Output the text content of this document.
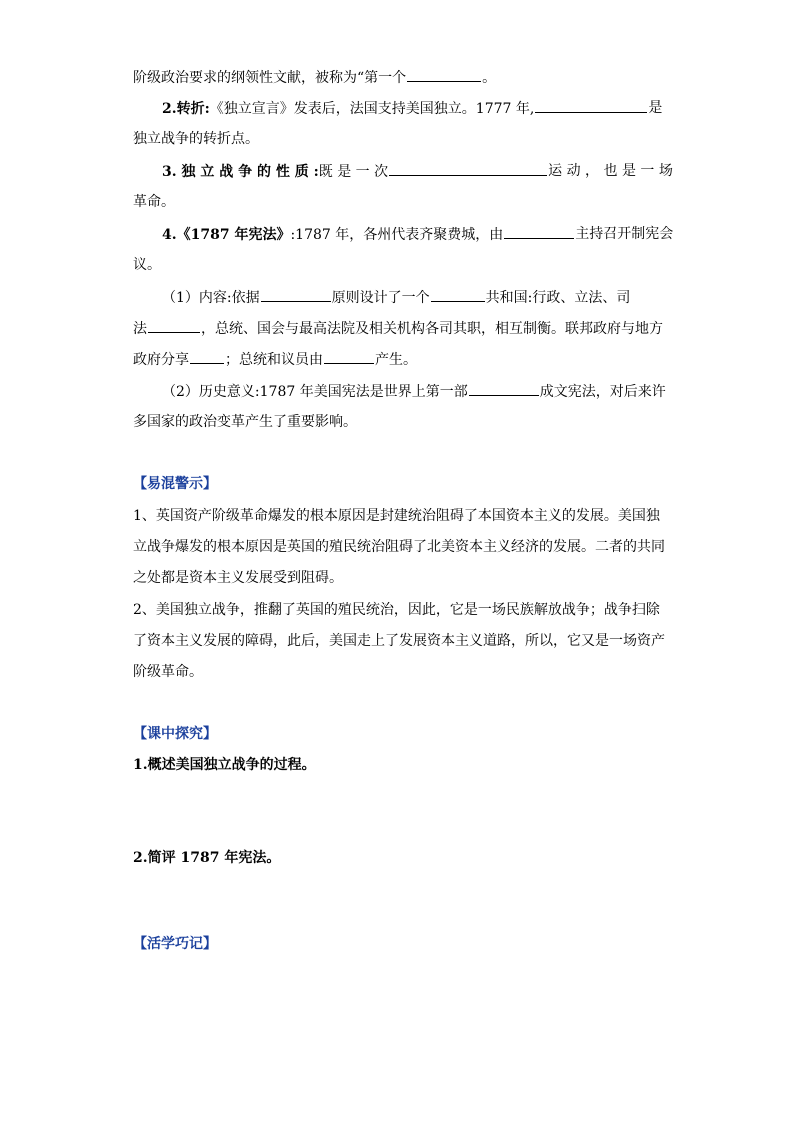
阶级政治要求的纲领性文献，被称为“第一个	。
2.转折:《独立宣言》发表后，法国支持美国独立。1777 年,	是
独立战争的转折点。
3. 独 立 战 争 的 性 质 :既 是 一 次	运 动 ， 也 是 一 场
革命。
4.《1787 年宪法》:1787 年，各州代表齐聚费城，由	主持召开制宪会
议。
（1）内容:依据	原则设计了一个	共和国:行政、立法、司
法	，总统、国会与最高法院及相关机构各司其职，相互制衡。联邦政府与地方
政府分享	；总统和议员由	产生。
（2）历史意义:1787 年美国宪法是世界上第一部	成文宪法，对后来许
多国家的政治变革产生了重要影响。
【易混警示】
1、英国资产阶级革命爆发的根本原因是封建统治阻碍了本国资本主义的发展。美国独
立战争爆发的根本原因是英国的殖民统治阻碍了北美资本主义经济的发展。二者的共同
之处都是资本主义发展受到阻碍。
2、美国独立战争，推翻了英国的殖民统治，因此，它是一场民族解放战争；战争扫除
了资本主义发展的障碍，此后，美国走上了发展资本主义道路，所以，它又是一场资产
阶级革命。
【课中探究】
1.概述美国独立战争的过程。
2.简评 1787 年宪法。
【活学巧记】
